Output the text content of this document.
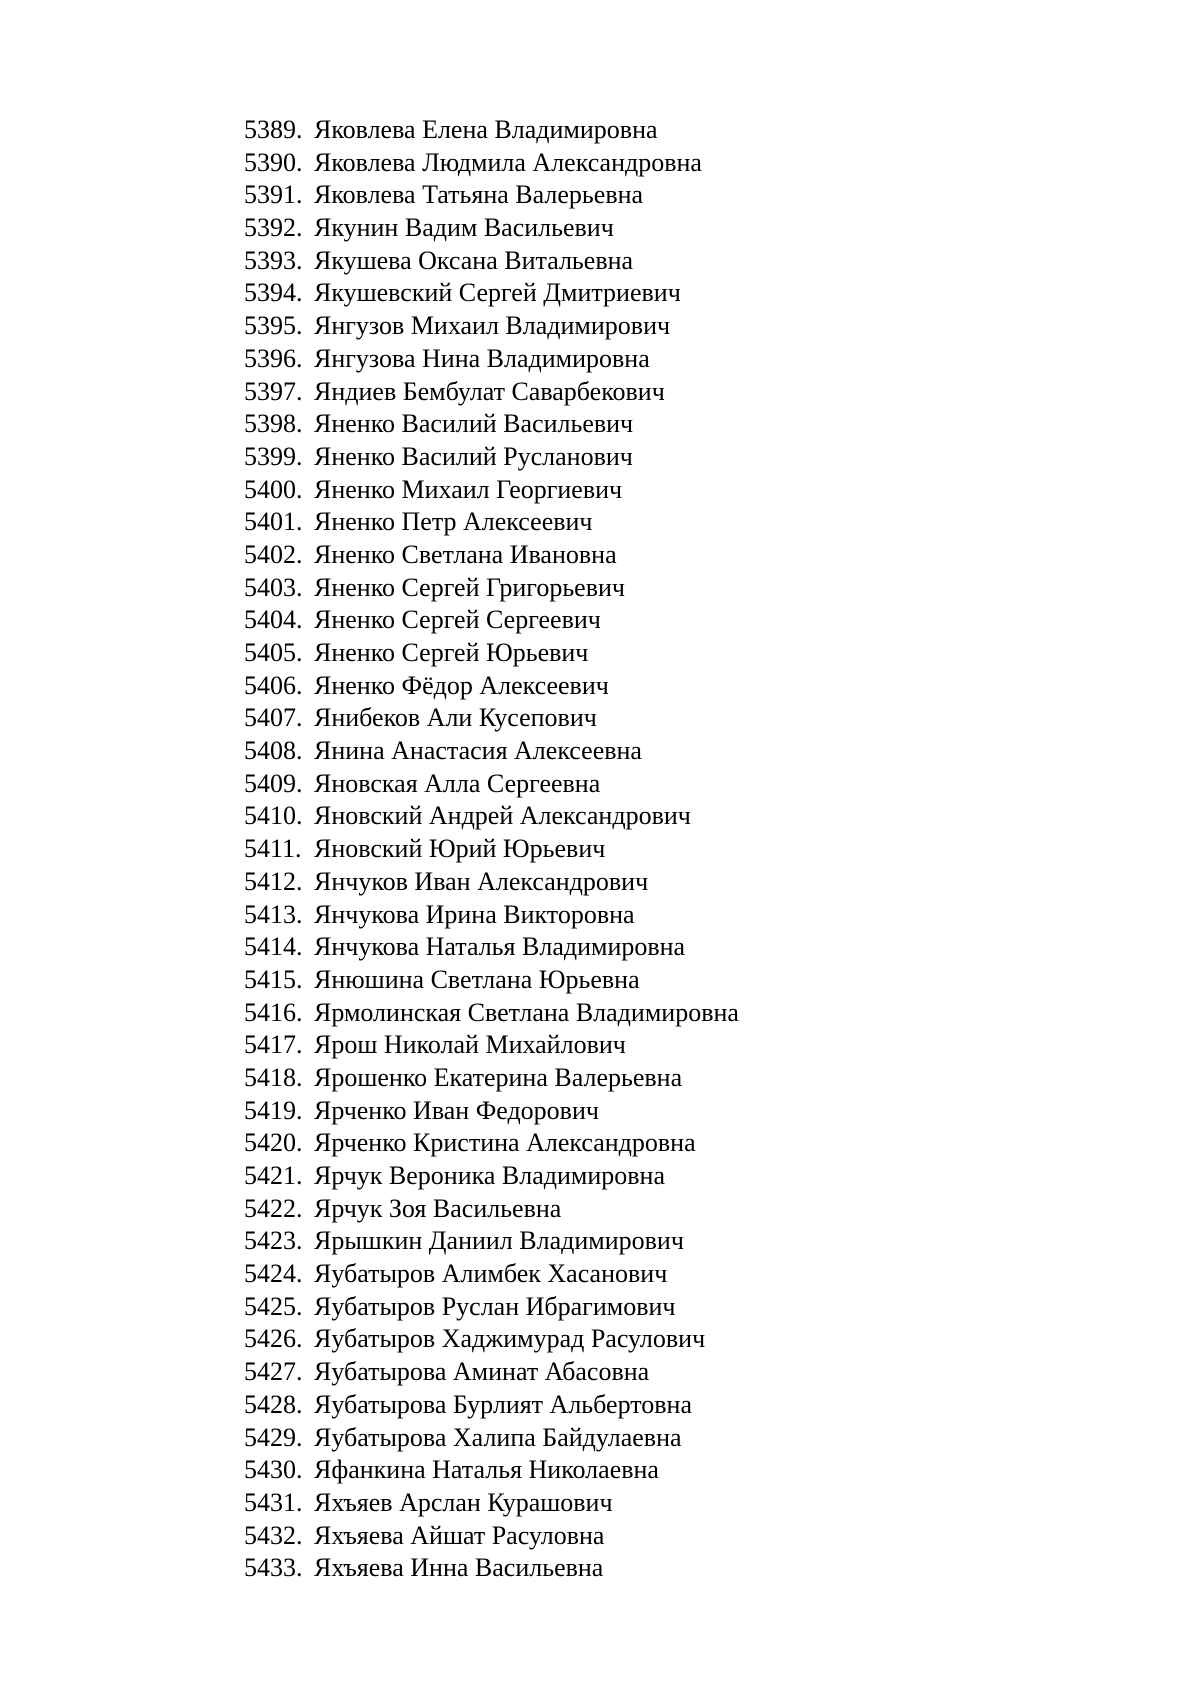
5389. Яковлева Елена Владимировна
5390. Яковлева Людмила Александровна
5391. Яковлева Татьяна Валерьевна
5392. Якунин Вадим Васильевич
5393. Якушева Оксана Витальевна
5394. Якушевский Сергей Дмитриевич
5395. Янгузов Михаил Владимирович
5396. Янгузова Нина Владимировна
5397. Яндиев Бембулат Саварбекович
5398. Яненко Василий Васильевич
5399. Яненко Василий Русланович
5400. Яненко Михаил Георгиевич
5401. Яненко Петр Алексеевич
5402. Яненко Светлана Ивановна
5403. Яненко Сергей Григорьевич
5404. Яненко Сергей Сергеевич
5405. Яненко Сергей Юрьевич
5406. Яненко Фёдор Алексеевич
5407. Янибеков Али Кусепович
5408. Янина Анастасия Алексеевна
5409. Яновская Алла Сергеевна
5410. Яновский Андрей Александрович
5411. Яновский Юрий Юрьевич
5412. Янчуков Иван Александрович
5413. Янчукова Ирина Викторовна
5414. Янчукова Наталья Владимировна
5415. Янюшина Светлана Юрьевна
5416. Ярмолинская Светлана Владимировна
5417. Ярош Николай Михайлович
5418. Ярошенко Екатерина Валерьевна
5419. Ярченко Иван Федорович
5420. Ярченко Кристина Александровна
5421. Ярчук Вероника Владимировна
5422. Ярчук Зоя Васильевна
5423. Ярышкин Даниил Владимирович
5424. Яубатыров Алимбек Хасанович
5425. Яубатыров Руслан Ибрагимович
5426. Яубатыров Хаджимурад Расулович
5427. Яубатырова Аминат Абасовна
5428. Яубатырова Бурлият Альбертовна
5429. Яубатырова Халипа Байдулаевна
5430. Яфанкина Наталья Николаевна
5431. Яхъяев Арслан Курашович
5432. Яхъяева Айшат Расуловна
5433. Яхъяева Инна Васильевна
